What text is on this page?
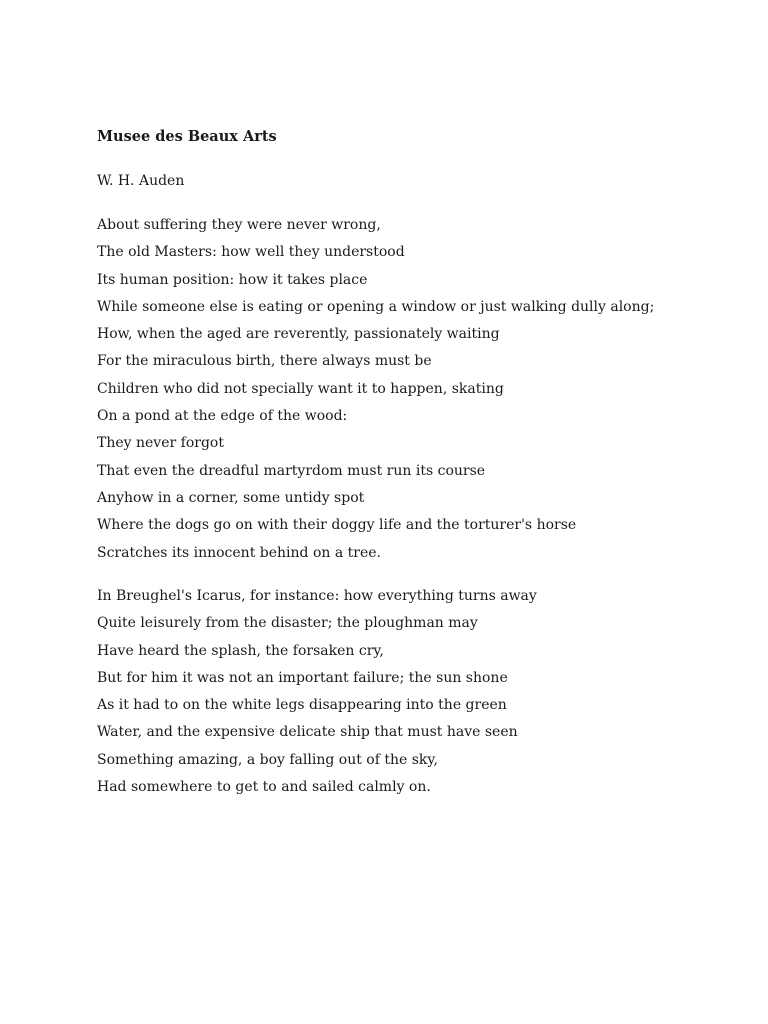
Musee des Beaux Arts
W. H. Auden
About suffering they were never wrong,
The old Masters: how well they understood
Its human position: how it takes place
While someone else is eating or opening a window or just walking dully along;
How, when the aged are reverently, passionately waiting
For the miraculous birth, there always must be
Children who did not specially want it to happen, skating
On a pond at the edge of the wood:
They never forgot
That even the dreadful martyrdom must run its course
Anyhow in a corner, some untidy spot
Where the dogs go on with their doggy life and the torturer's horse
Scratches its innocent behind on a tree.
In Breughel's Icarus, for instance: how everything turns away
Quite leisurely from the disaster; the ploughman may
Have heard the splash, the forsaken cry,
But for him it was not an important failure; the sun shone
As it had to on the white legs disappearing into the green
Water, and the expensive delicate ship that must have seen
Something amazing, a boy falling out of the sky,
Had somewhere to get to and sailed calmly on.
